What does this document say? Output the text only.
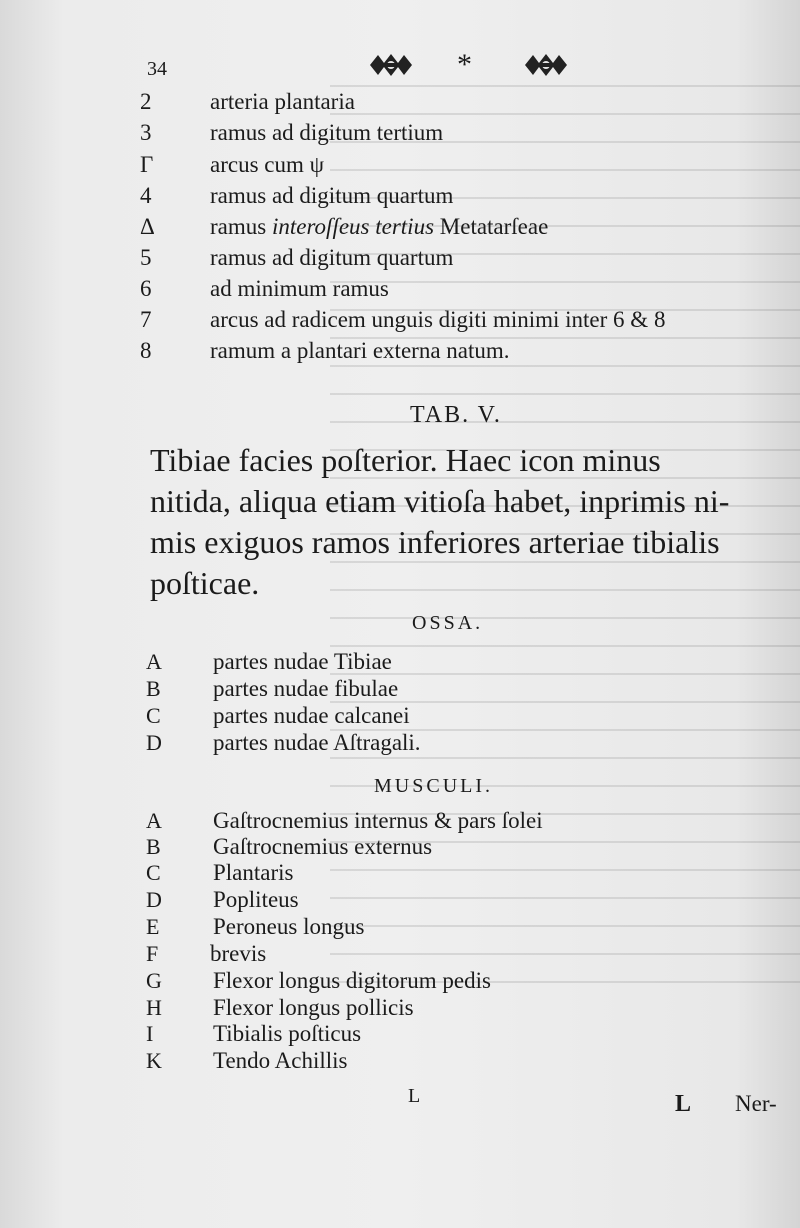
34	*
2	arteria plantaria
3	ramus ad digitum tertium
Γ	arcus cum ψ
4	ramus ad digitum quartum
Δ	ramus interoſſeus tertius Metatarſeae
5	ramus ad digitum quartum
6	ad minimum ramus
7	arcus ad radicem unguis digiti minimi inter 6 & 8
8	ramum a plantari externa natum.
TAB. V.
Tibiae facies poſterior. Haec icon minus
nitida, aliqua etiam vitioſa habet, inprimis ni-
mis exiguos ramos inferiores arteriae tibialis
poſticae.
OSSA.
A	partes nudae Tibiae
B	partes nudae fibulae
C	partes nudae calcanei
D	partes nudae Aſtragali.
MUSCULI.
A	Gaſtrocnemius internus & pars ſolei
B	Gaſtrocnemius externus
C	Plantaris
D	Popliteus
E	Peroneus longus
F	brevis
G	Flexor longus digitorum pedis
H	Flexor longus pollicis
I	Tibialis poſticus
K	Tendo Achillis
L	L Ner-
